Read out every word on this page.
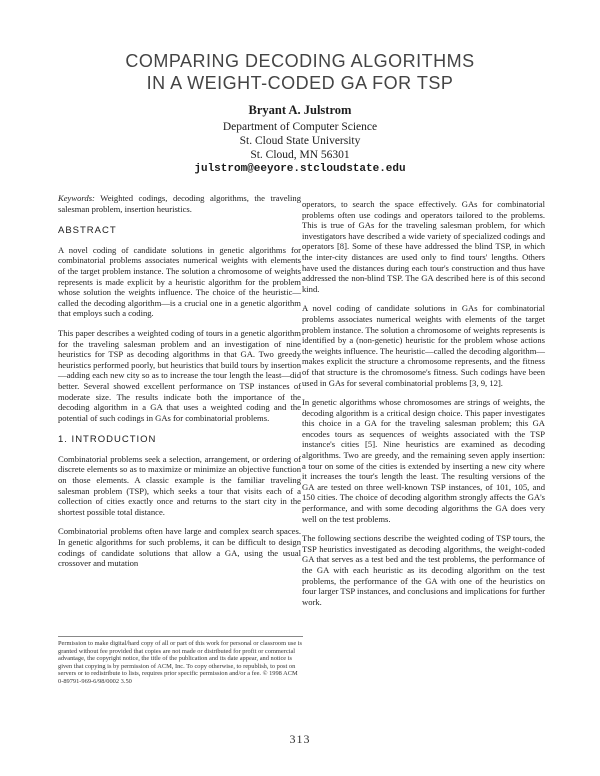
COMPARING DECODING ALGORITHMS
IN A WEIGHT-CODED GA FOR TSP
Bryant A. Julstrom
Department of Computer Science
St. Cloud State University
St. Cloud, MN 56301
julstrom@eeyore.stcloudstate.edu

Keywords: Weighted codings, decoding algorithms, the traveling salesman problem, insertion heuristics.

ABSTRACT

A novel coding of candidate solutions in genetic algorithms for combinatorial problems associates numerical weights with elements of the target problem instance. The solution a chromosome of weights represents is made explicit by a heuristic algorithm for the problem whose solution the weights influence. The choice of the heuristic—called the decoding algorithm—is a crucial one in a genetic algorithm that employs such a coding.

This paper describes a weighted coding of tours in a genetic algorithm for the traveling salesman problem and an investigation of nine heuristics for TSP as decoding algorithms in that GA. Two greedy heuristics performed poorly, but heuristics that build tours by insertion—adding each new city so as to increase the tour length the least—did better. Several showed excellent performance on TSP instances of moderate size. The results indicate both the importance of the decoding algorithm in a GA that uses a weighted coding and the potential of such codings in GAs for combinatorial problems.

1. INTRODUCTION

Combinatorial problems seek a selection, arrangement, or ordering of discrete elements so as to maximize or minimize an objective function on those elements. A classic example is the familiar traveling salesman problem (TSP), which seeks a tour that visits each of a collection of cities exactly once and returns to the start city in the shortest possible total distance.

Combinatorial problems often have large and complex search spaces. In genetic algorithms for such problems, it can be difficult to design codings of candidate solutions that allow a GA, using the usual crossover and mutation

operators, to search the space effectively. GAs for combinatorial problems often use codings and operators tailored to the problems. This is true of GAs for the traveling salesman problem, for which investigators have described a wide variety of specialized codings and operators [8]. Some of these have addressed the blind TSP, in which the inter-city distances are used only to find tours' lengths. Others have used the distances during each tour's construction and thus have addressed the non-blind TSP. The GA described here is of this second kind.

A novel coding of candidate solutions in GAs for combinatorial problems associates numerical weights with elements of the target problem instance. The solution a chromosome of weights represents is identified by a (non-genetic) heuristic for the problem whose actions the weights influence. The heuristic—called the decoding algorithm—makes explicit the structure a chromosome represents, and the fitness of that structure is the chromosome's fitness. Such codings have been used in GAs for several combinatorial problems [3, 9, 12].

In genetic algorithms whose chromosomes are strings of weights, the decoding algorithm is a critical design choice. This paper investigates this choice in a GA for the traveling salesman problem; this GA encodes tours as sequences of weights associated with the TSP instance's cities [5]. Nine heuristics are examined as decoding algorithms. Two are greedy, and the remaining seven apply insertion: a tour on some of the cities is extended by inserting a new city where it increases the tour's length the least. The resulting versions of the GA are tested on three well-known TSP instances, of 101, 105, and 150 cities. The choice of decoding algorithm strongly affects the GA's performance, and with some decoding algorithms the GA does very well on the test problems.

The following sections describe the weighted coding of TSP tours, the TSP heuristics investigated as decoding algorithms, the weight-coded GA that serves as a test bed and the test problems, the performance of the GA with each heuristic as its decoding algorithm on the test problems, the performance of the GA with one of the heuristics on four larger TSP instances, and conclusions and implications for further work.

Permission to make digital/hard copy of all or part of this work for personal or classroom use is granted without fee provided that copies are not made or distributed for profit or commercial advantage, the copyright notice, the title of the publication and its date appear, and notice is given that copying is by permission of ACM, Inc. To copy otherwise, to republish, to post on servers or to redistribute to lists, requires prior specific permission and/or a fee. © 1998 ACM 0-89791-969-6/98/0002 3.50
313
